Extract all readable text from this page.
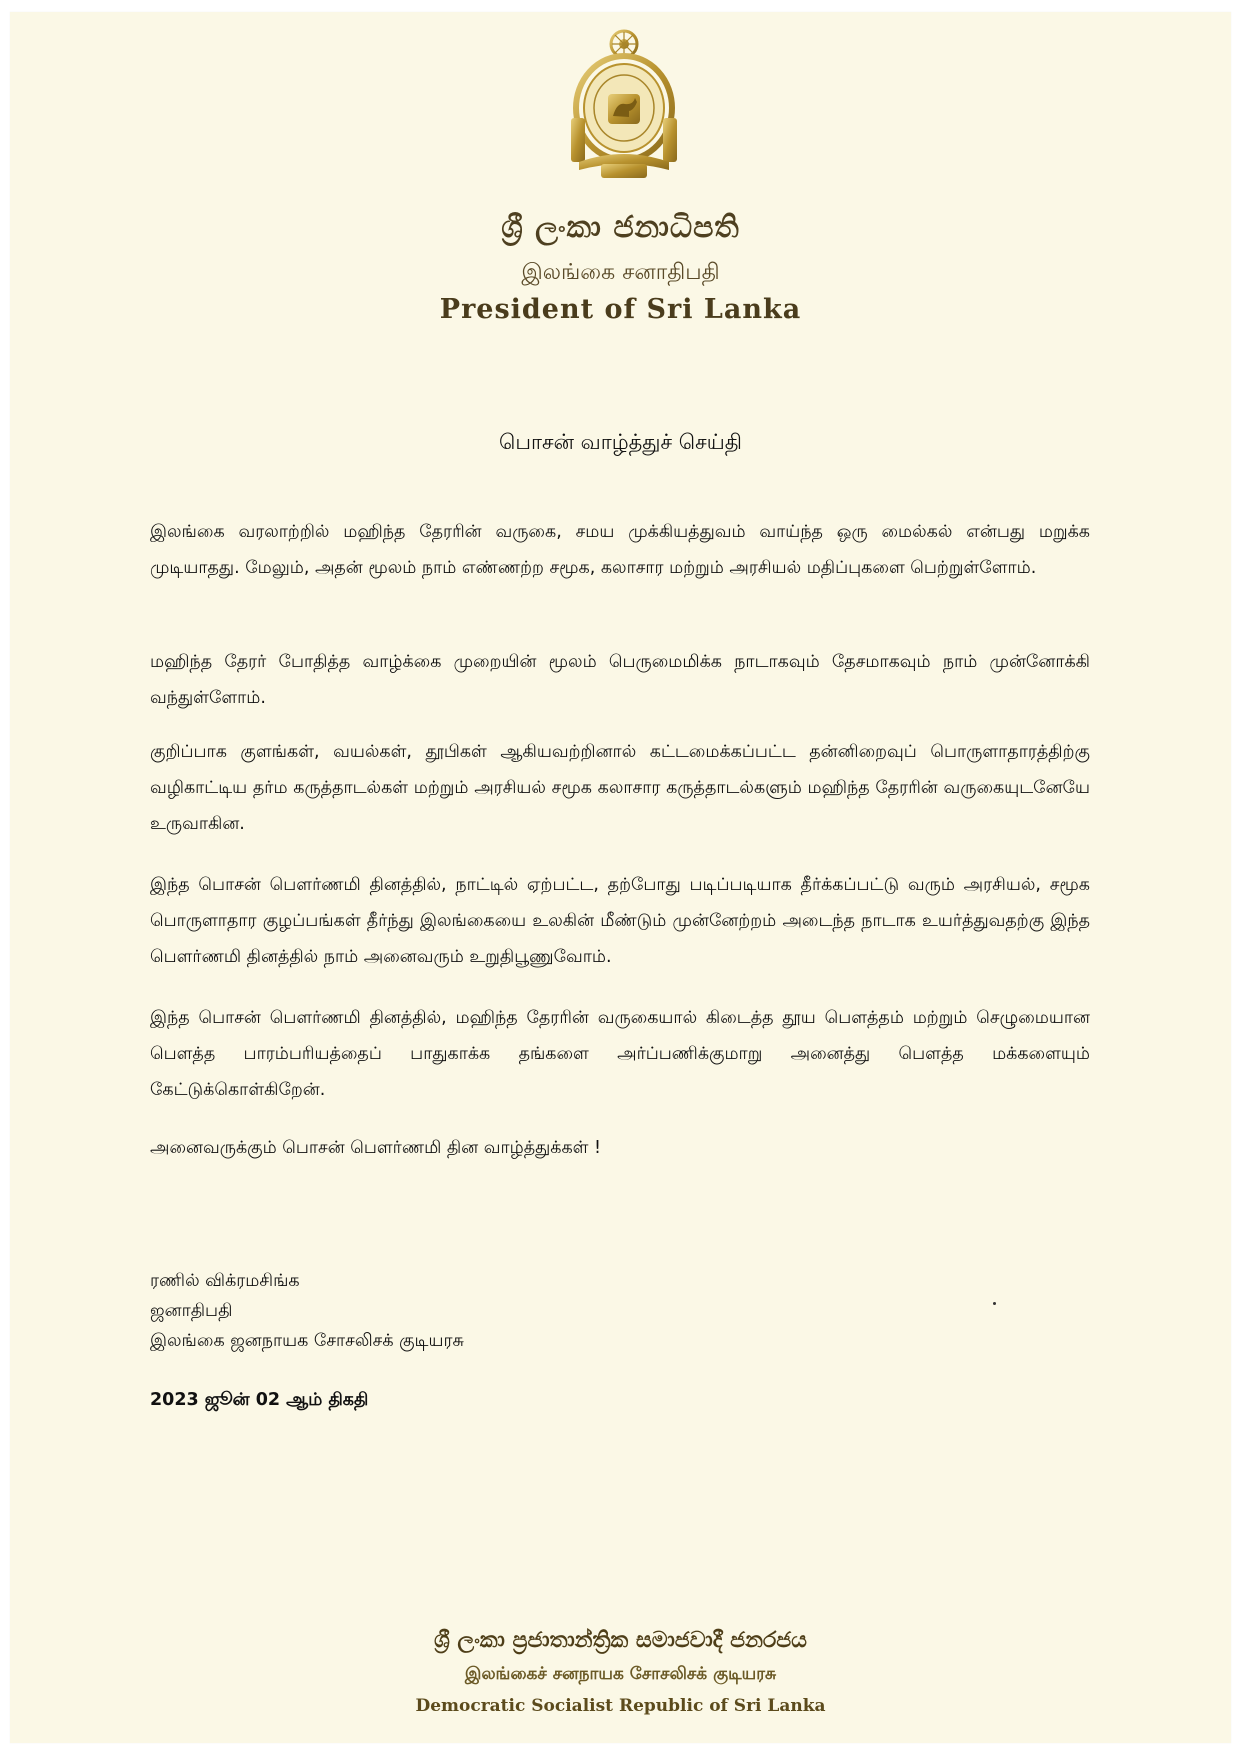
ශ්‍රී ලංකා ජනාධිපති
இலங்கை சனாதிபதி
President of Sri Lanka
பொசன் வாழ்த்துச் செய்தி
இலங்கை வரலாற்றில் மஹிந்த தேரரின் வருகை, சமய முக்கியத்துவம் வாய்ந்த ஒரு மைல்கல் என்பது மறுக்க முடியாதது. மேலும், அதன் மூலம் நாம் எண்ணற்ற சமூக, கலாசார மற்றும் அரசியல் மதிப்புகளை பெற்றுள்ளோம்.
மஹிந்த தேரர் போதித்த வாழ்க்கை முறையின் மூலம் பெருமைமிக்க நாடாகவும் தேசமாகவும் நாம் முன்னோக்கி வந்துள்ளோம்.
குறிப்பாக குளங்கள், வயல்கள், தூபிகள் ஆகியவற்றினால் கட்டமைக்கப்பட்ட தன்னிறைவுப் பொருளாதாரத்திற்கு வழிகாட்டிய தர்ம கருத்தாடல்கள் மற்றும் அரசியல் சமூக கலாசார கருத்தாடல்களும் மஹிந்த தேரரின் வருகையுடனேயே உருவாகின.
இந்த பொசன் பௌர்ணமி தினத்தில், நாட்டில் ஏற்பட்ட, தற்போது படிப்படியாக தீர்க்கப்பட்டு வரும் அரசியல், சமூக பொருளாதார குழப்பங்கள் தீர்ந்து இலங்கையை உலகின் மீண்டும் முன்னேற்றம் அடைந்த நாடாக உயர்த்துவதற்கு இந்த பௌர்ணமி தினத்தில் நாம் அனைவரும் உறுதிபூணுவோம்.
இந்த பொசன் பௌர்ணமி தினத்தில், மஹிந்த தேரரின் வருகையால் கிடைத்த தூய பௌத்தம் மற்றும் செழுமையான பௌத்த பாரம்பரியத்தைப் பாதுகாக்க தங்களை அர்ப்பணிக்குமாறு அனைத்து பௌத்த மக்களையும் கேட்டுக்கொள்கிறேன்.
அனைவருக்கும் பொசன் பௌர்ணமி தின வாழ்த்துக்கள் !
ரணில் விக்ரமசிங்க
ஜனாதிபதி
இலங்கை ஜனநாயக சோசலிசக் குடியரசு
2023 ஜூன் 02 ஆம் திகதி
ශ්‍රී ලංකා ප්‍රජාතාන්ත්‍රික සමාජවාදී ජනරජය
இலங்கைச் சனநாயக சோசலிசக் குடியரசு
Democratic Socialist Republic of Sri Lanka
